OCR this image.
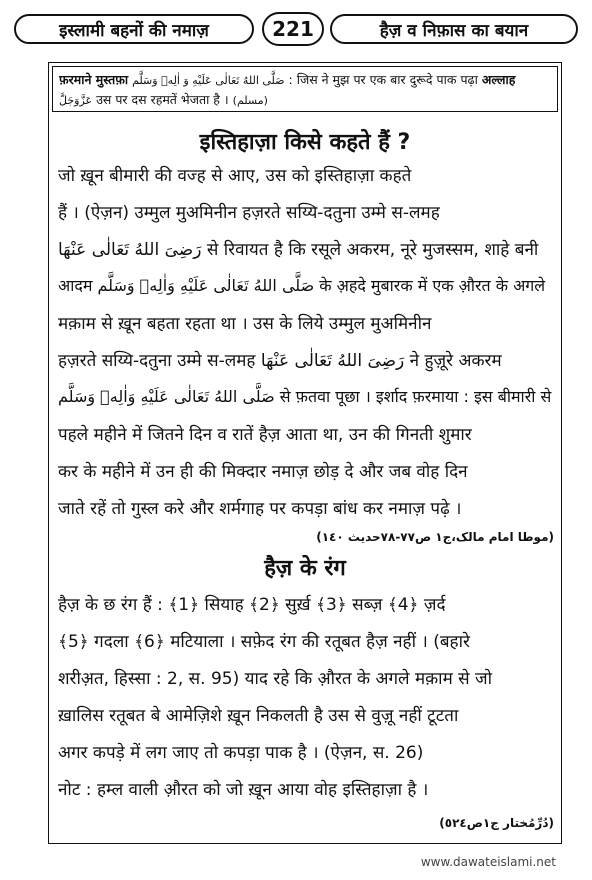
इस्लामी बहनों की नमाज़	221	हैज़ व निफ़ास का बयान
फ़रमाने मुस्तफ़ा صَلَّى اللهُ تَعَالٰى عَلَيْهِ وَ اٰلِهٖ وَسَلَّم : जिस ने मुझ पर एक बार दुरूदे पाक पढ़ा अल्लाह
عَزَّوَجَلَّ उस पर दस रहमतें भेजता है । (مسلم)
इस्तिहाज़ा किसे कहते हैं ?
जो ख़ून बीमारी की वज्ह से आए, उस को इस्तिहाज़ा कहते
हैं । (ऐज़न) उम्मुल मुअमिनीन हज़रते सय्यि-दतुना उम्मे स-लमह
رَضِیَ اللهُ تَعَالٰی عَنْهَا से रिवायत है कि रसूले अकरम, नूरे मुजस्सम, शाहे बनी
आदम صَلَّی اللهُ تَعَالٰی عَلَیْهِ وَاٰلِهٖ وَسَلَّم के अ़हदे मुबारक में एक औ़रत के अगले
मक़ाम से ख़ून बहता रहता था । उस के लिये उम्मुल मुअमिनीन
हज़रते सय्यि-दतुना उम्मे स-लमह رَضِیَ اللهُ تَعَالٰی عَنْهَا ने हुज़ूरे अकरम
صَلَّی اللهُ تَعَالٰی عَلَیْهِ وَاٰلِهٖ وَسَلَّم से फ़तवा पूछा । इर्शाद फ़रमाया : इस बीमारी से
पहले महीने में जितने दिन व रातें हैज़ आता था, उन की गिनती शुमार
कर के महीने में उन ही की मिक्दार नमाज़ छोड़ दे और जब वोह दिन
जाते रहें तो गुस्ल करे और शर्मगाह पर कपड़ा बांध कर नमाज़ पढ़े ।
(موطا امام مالک،ج١ ص٧٧-٧٨حدیث ١٤٠)
हैज़ के रंग
हैज़ के छ रंग हैं : ﴾1﴿ सियाह ﴾2﴿ सुर्ख़ ﴾3﴿ सब्ज़ ﴾4﴿ ज़र्द
﴾5﴿ गदला ﴾6﴿ मटियाला । सफ़ेद रंग की रतूबत हैज़ नहीं । (बहारे
शरीअ़त, हिस्सा : 2, स. 95) याद रहे कि औ़रत के अगले मक़ाम से जो
ख़ालिस रतूबत बे आमेज़िशे ख़ून निकलती है उस से वुज़ू नहीं टूटता
अगर कपड़े में लग जाए तो कपड़ा पाक है । (ऐज़न, स. 26)
नोट : हम्ल वाली औ़रत को जो ख़ून आया वोह इस्तिहाज़ा है ।
(دُرِّمُختار ج١ص٥٢٤)
www.dawateislami.net
